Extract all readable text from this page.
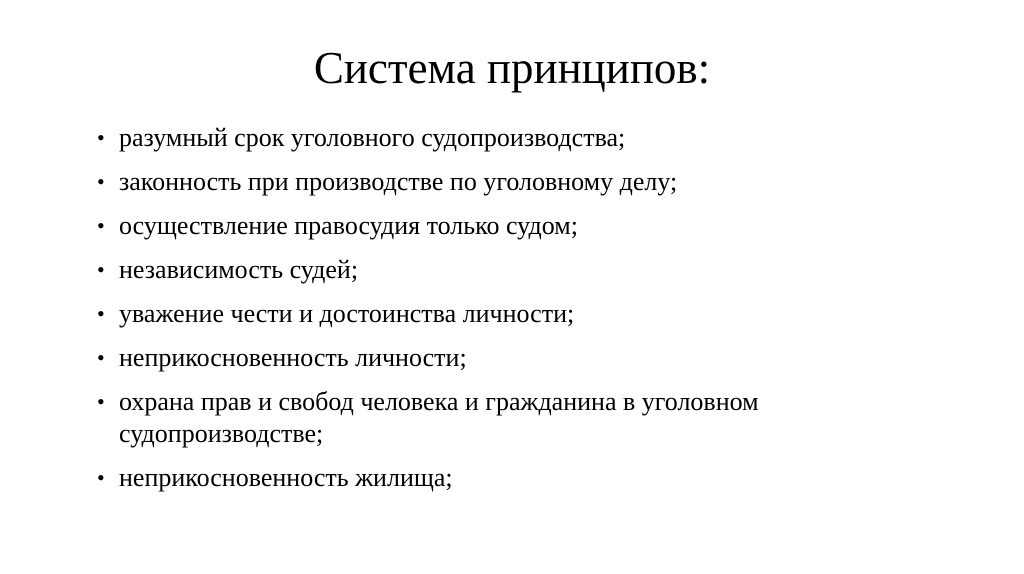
Система принципов:
• разумный срок уголовного судопроизводства;
• законность при производстве по уголовному делу;
• осуществление правосудия только судом;
• независимость судей;
• уважение чести и достоинства личности;
• неприкосновенность личности;
• охрана прав и свобод человека и гражданина в уголовном судопроизводстве;
• неприкосновенность жилища;
